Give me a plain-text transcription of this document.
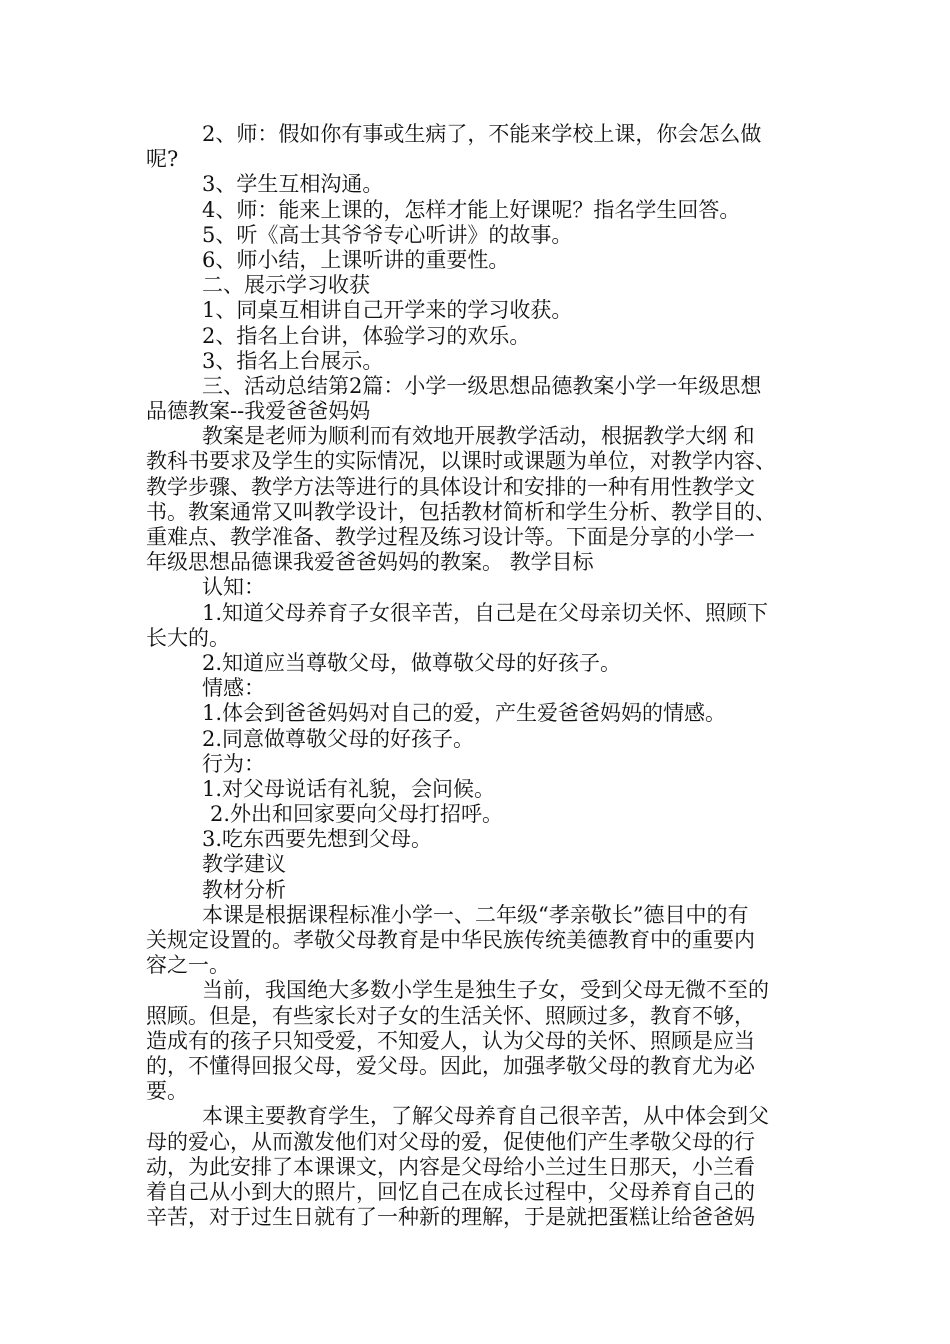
2、师：假如你有事或生病了，不能来学校上课，你会怎么做
呢?
3、学生互相沟通。
4、师：能来上课的，怎样才能上好课呢？指名学生回答。
5、听《高士其爷爷专心听讲》的故事。
6、师小结，上课听讲的重要性。
二、展示学习收获
1、同桌互相讲自己开学来的学习收获。
2、指名上台讲，体验学习的欢乐。
3、指名上台展示。
三、活动总结第2篇：小学一级思想品德教案小学一年级思想
品德教案--我爱爸爸妈妈
教案是老师为顺利而有效地开展教学活动，根据教学大纲 和
教科书要求及学生的实际情况，以课时或课题为单位，对教学内容、
教学步骤、教学方法等进行的具体设计和安排的一种有用性教学文
书。教案通常又叫教学设计，包括教材简析和学生分析、教学目的、
重难点、教学准备、教学过程及练习设计等。下面是分享的小学一
年级思想品德课我爱爸爸妈妈的教案。 教学目标
认知：
1.知道父母养育子女很辛苦，自己是在父母亲切关怀、照顾下
长大的。
2.知道应当尊敬父母，做尊敬父母的好孩子。
情感：
1.体会到爸爸妈妈对自己的爱，产生爱爸爸妈妈的情感。
2.同意做尊敬父母的好孩子。
行为：
1.对父母说话有礼貌，会问候。
2.外出和回家要向父母打招呼。
3.吃东西要先想到父母。
教学建议
教材分析
本课是根据课程标准小学一、二年级“孝亲敬长”德目中的有
关规定设置的。孝敬父母教育是中华民族传统美德教育中的重要内
容之一。
当前，我国绝大多数小学生是独生子女，受到父母无微不至的
照顾。但是，有些家长对子女的生活关怀、照顾过多，教育不够，
造成有的孩子只知受爱，不知爱人，认为父母的关怀、照顾是应当
的，不懂得回报父母，爱父母。因此，加强孝敬父母的教育尤为必
要。
本课主要教育学生，了解父母养育自己很辛苦，从中体会到父
母的爱心，从而激发他们对父母的爱，促使他们产生孝敬父母的行
动，为此安排了本课课文，内容是父母给小兰过生日那天，小兰看
着自己从小到大的照片，回忆自己在成长过程中，父母养育自己的
辛苦，对于过生日就有了一种新的理解，于是就把蛋糕让给爸爸妈
